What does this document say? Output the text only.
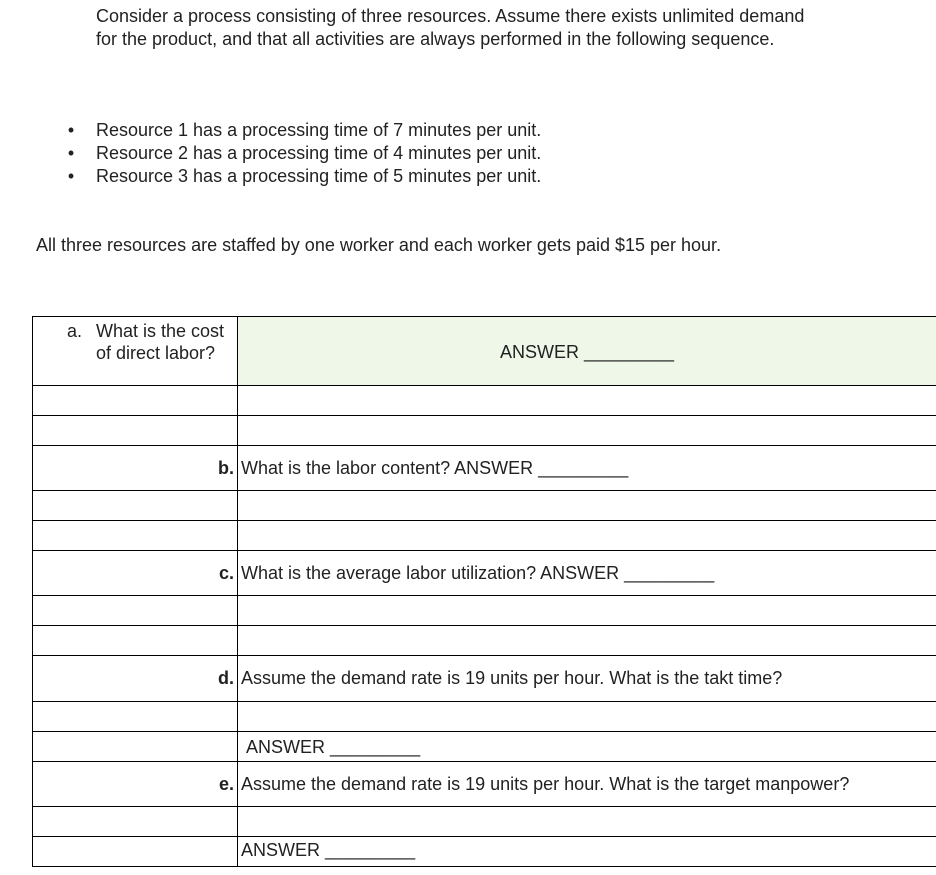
Consider a process consisting of three resources. Assume there exists unlimited demand for the product, and that all activities are always performed in the following sequence.
• Resource 1 has a processing time of 7 minutes per unit.
• Resource 2 has a processing time of 4 minutes per unit.
• Resource 3 has a processing time of 5 minutes per unit.
All three resources are staffed by one worker and each worker gets paid $15 per hour.
a. What is the cost of direct labor?	ANSWER _________
b. What is the labor content? ANSWER _________
c. What is the average labor utilization? ANSWER _________
d. Assume the demand rate is 19 units per hour. What is the takt time?
ANSWER _________
e. Assume the demand rate is 19 units per hour. What is the target manpower?
ANSWER _________
